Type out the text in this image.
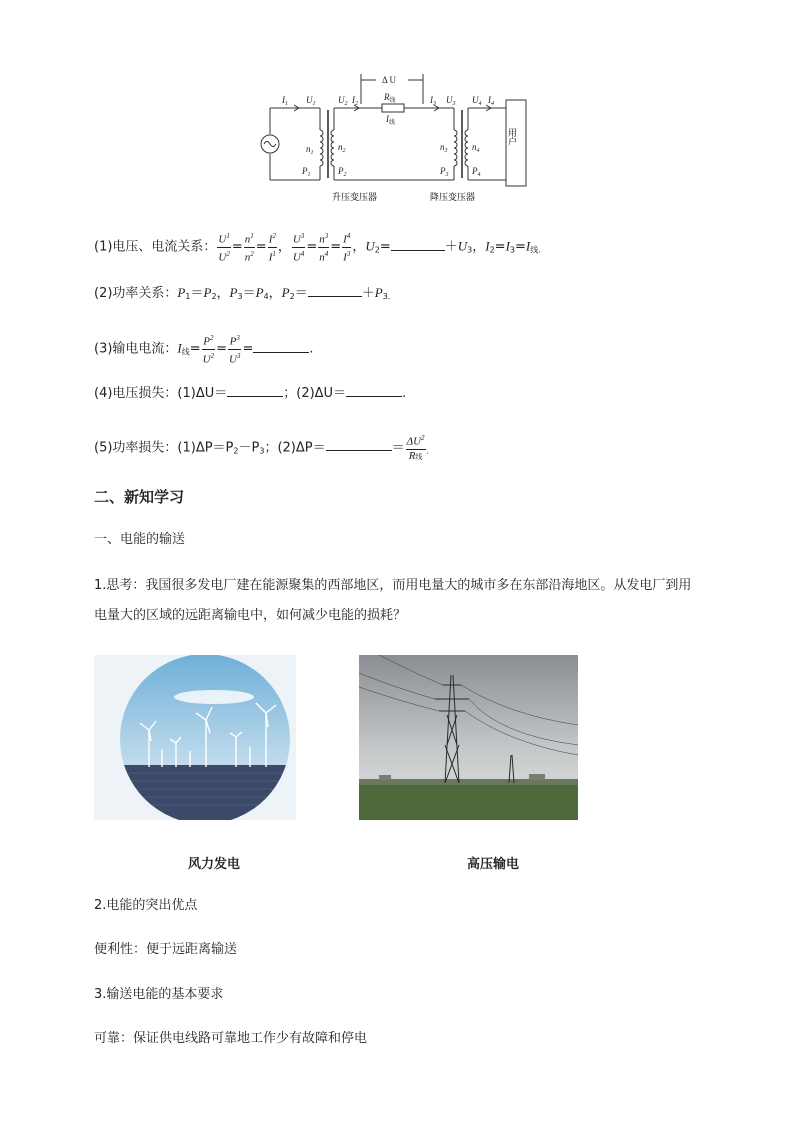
$I_1$ $U_1$	$U_2$ $I_2$
Δ U
$R_线$
$I_线$
$I_3$ $U_3$ $U_4$ $I_4$
$n_1$
$n_2$	$n_3$	$n_4$
$P_1$	$P_2$	$P_3$	$P_4$
用户
升压变压器	降压变压器
(1)电压、电流关系： $\frac{U^1}{U^2} = \frac{n^1}{n^2} = \frac{I^2}{I^1}$ ， $\frac{U^3}{U^4} = \frac{n^3}{n^4} = \frac{I^4}{I^3}$ ，$U_2=$	$+U_3$，$I_2=I_3=I_{线.}$
(2)功率关系：$P_1=P_2$，$P_3=P_4$，$P_2=$	$+P_{3.}$
(3)输电电流：$I_线= \frac{P^2}{U^2} = \frac{P^3}{U^3}$ =	.
(4)电压损失：(1)ΔU＝	；(2)ΔU＝	.
(5)功率损失：$(1)\Delta P=P_2-P_3$；(2)ΔP＝	＝ $\frac{\Delta U^2}{\text{R线}} _.$
二、新知学习
一、电能的输送
1.思考：我国很多发电厂建在能源聚集的西部地区，而用电量大的城市多在东部沿海地区。从发电厂到用电量大的区域的远距离输电中，如何减少电能的损耗？
风力发电	高压输电
2.电能的突出优点
便利性：便于远距离输送
3.输送电能的基本要求
可靠：保证供电线路可靠地工作少有故障和停电
